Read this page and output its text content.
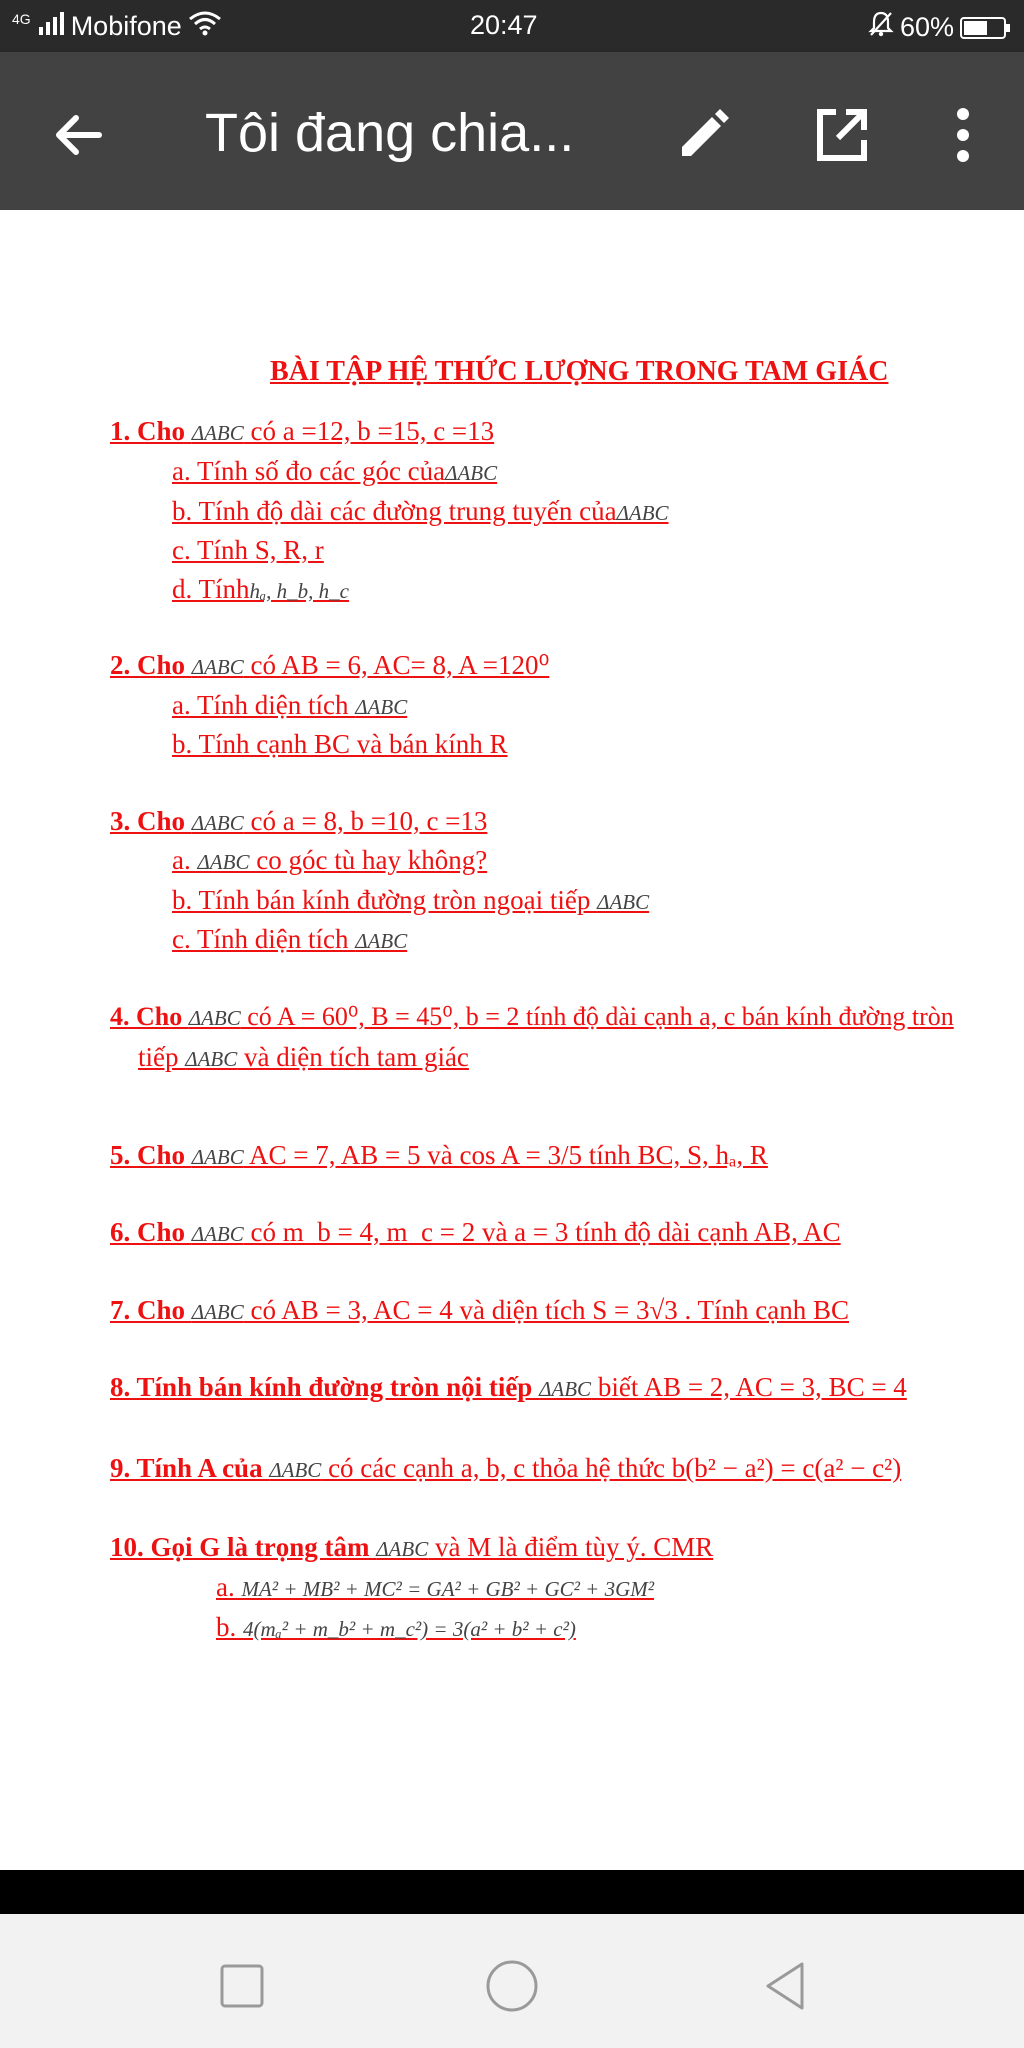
4G Mobifone	20:47	60%
Tôi đang chia...
BÀI TẬP HỆ THỨC LƯỢNG TRONG TAM GIÁC
1. Cho ΔABC có a =12, b =15, c =13
a. Tính số đo các góc củaΔABC
b. Tính độ dài các đường trung tuyến củaΔABC
c. Tính S, R, r
d. Tínhhₐ, h_b, h_c
2. Cho ΔABC có AB = 6, AC= 8, A =120⁰
a. Tính diện tích ΔABC
b. Tính cạnh BC và bán kính R
3. Cho ΔABC có a = 8, b =10, c =13
a. ΔABC co góc tù hay không?
b. Tính bán kính đường tròn ngoại tiếp ΔABC
c. Tính diện tích ΔABC
4. Cho ΔABC có A = 60⁰, B = 45⁰, b = 2 tính độ dài cạnh a, c bán kính đường tròn
tiếp ΔABC và diện tích tam giác
5. Cho ΔABC AC = 7, AB = 5 và cos A = 3/5 tính BC, S, hₐ, R
6. Cho ΔABC có m_b = 4, m_c = 2 và a = 3 tính độ dài cạnh AB, AC
7. Cho ΔABC có AB = 3, AC = 4 và diện tích S = 3√3 . Tính cạnh BC
8. Tính bán kính đường tròn nội tiếp ΔABC biết AB = 2, AC = 3, BC = 4
9. Tính A của ΔABC có các cạnh a, b, c thỏa hệ thức b(b² − a²) = c(a² − c²)
10. Gọi G là trọng tâm ΔABC và M là điểm tùy ý. CMR
a. MA² + MB² + MC² = GA² + GB² + GC² + 3GM²
b. 4(mₐ² + m_b² + m_c²) = 3(a² + b² + c²)
